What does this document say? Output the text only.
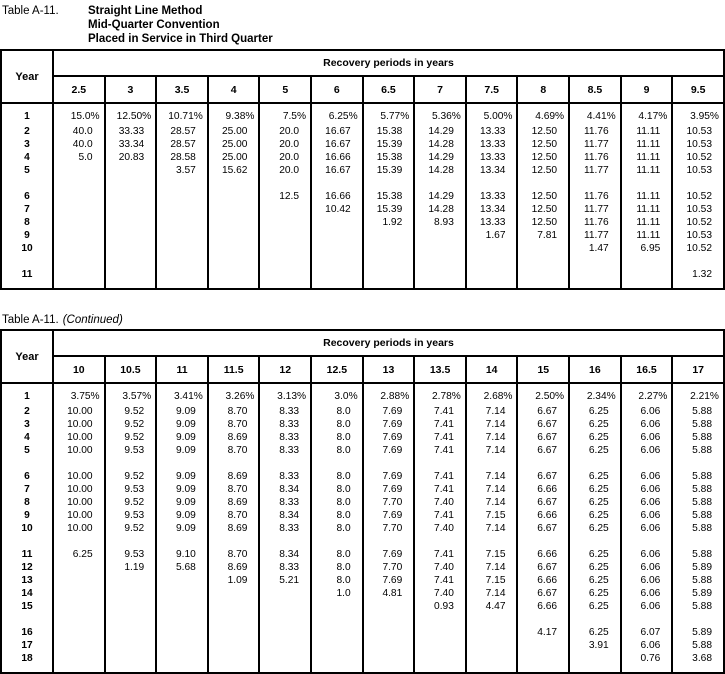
Table A-11.	Straight Line Method
Mid-Quarter Convention
Placed in Service in Third Quarter
Year	Recovery periods in years												
	2.5	3	3.5	4	5	6	6.5	7	7.5	8	8.5	9	9.5
1	15.0%	12.50%	10.71%	9.38%	7.5%	6.25%	5.77%	5.36%	5.00%	4.69%	4.41%	4.17%	3.95%
2	40.0	33.33	28.57	25.00	20.0	16.67	15.38	14.29	13.33	12.50	11.76	11.11	10.53
3	40.0	33.34	28.57	25.00	20.0	16.67	15.39	14.28	13.33	12.50	11.77	11.11	10.53
4	5.0	20.83	28.58	25.00	20.0	16.66	15.38	14.29	13.33	12.50	11.76	11.11	10.52
5			3.57	15.62	20.0	16.67	15.39	14.28	13.34	12.50	11.77	11.11	10.53

6					12.5	16.66	15.38	14.29	13.33	12.50	11.76	11.11	10.52
7						10.42	15.39	14.28	13.34	12.50	11.77	11.11	10.53
8							1.92	8.93	13.33	12.50	11.76	11.11	10.52
9									1.67	7.81	11.77	11.11	10.53
10											1.47	6.95	10.52

11													1.32
Table A-11. (Continued)
Year	Recovery periods in years												
	10	10.5	11	11.5	12	12.5	13	13.5	14	15	16	16.5	17
1	3.75%	3.57%	3.41%	3.26%	3.13%	3.0%	2.88%	2.78%	2.68%	2.50%	2.34%	2.27%	2.21%
2	10.00	9.52	9.09	8.70	8.33	8.0	7.69	7.41	7.14	6.67	6.25	6.06	5.88
3	10.00	9.52	9.09	8.70	8.33	8.0	7.69	7.41	7.14	6.67	6.25	6.06	5.88
4	10.00	9.52	9.09	8.69	8.33	8.0	7.69	7.41	7.14	6.67	6.25	6.06	5.88
5	10.00	9.53	9.09	8.70	8.33	8.0	7.69	7.41	7.14	6.67	6.25	6.06	5.88

6	10.00	9.52	9.09	8.69	8.33	8.0	7.69	7.41	7.14	6.67	6.25	6.06	5.88
7	10.00	9.53	9.09	8.70	8.34	8.0	7.69	7.41	7.14	6.66	6.25	6.06	5.88
8	10.00	9.52	9.09	8.69	8.33	8.0	7.70	7.40	7.14	6.67	6.25	6.06	5.88
9	10.00	9.53	9.09	8.70	8.34	8.0	7.69	7.41	7.15	6.66	6.25	6.06	5.88
10	10.00	9.52	9.09	8.69	8.33	8.0	7.70	7.40	7.14	6.67	6.25	6.06	5.88

11	6.25	9.53	9.10	8.70	8.34	8.0	7.69	7.41	7.15	6.66	6.25	6.06	5.88
12		1.19	5.68	8.69	8.33	8.0	7.70	7.40	7.14	6.67	6.25	6.06	5.89
13				1.09	5.21	8.0	7.69	7.41	7.15	6.66	6.25	6.06	5.88
14						1.0	4.81	7.40	7.14	6.67	6.25	6.06	5.89
15								0.93	4.47	6.66	6.25	6.06	5.88

16										4.17	6.25	6.07	5.89
17											3.91	6.06	5.88
18												0.76	3.68
